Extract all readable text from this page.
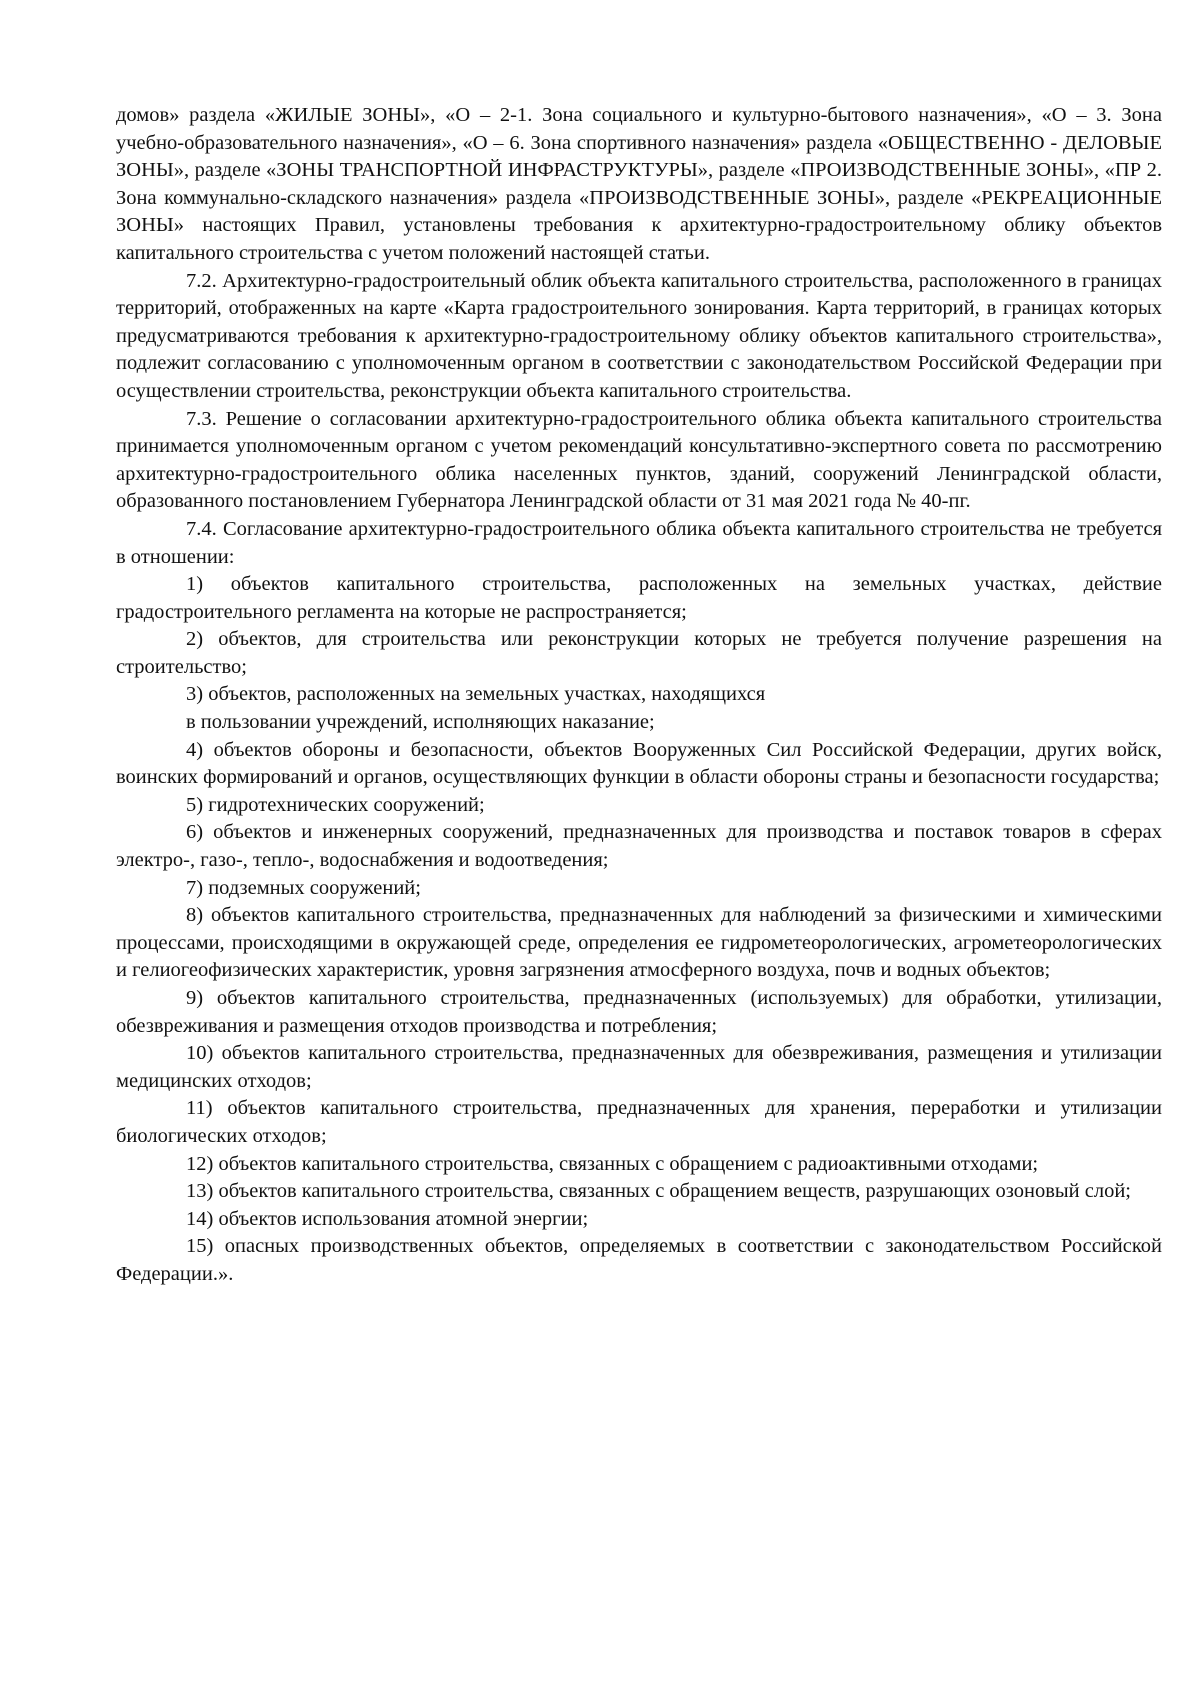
домов» раздела «ЖИЛЫЕ ЗОНЫ», «О – 2-1. Зона социального и культурно-бытового назначения», «О – 3. Зона учебно-образовательного назначения», «О – 6. Зона спортивного назначения» раздела «ОБЩЕСТВЕННО - ДЕЛОВЫЕ ЗОНЫ», разделе «ЗОНЫ ТРАНСПОРТНОЙ ИНФРАСТРУКТУРЫ», разделе «ПРОИЗВОДСТВЕННЫЕ ЗОНЫ», «ПР 2. Зона коммунально-складского назначения» раздела «ПРОИЗВОДСТВЕННЫЕ ЗОНЫ», разделе «РЕКРЕАЦИОННЫЕ ЗОНЫ» настоящих Правил, установлены требования к архитектурно-градостроительному облику объектов капитального строительства с учетом положений настоящей статьи.

7.2. Архитектурно-градостроительный облик объекта капитального строительства, расположенного в границах территорий, отображенных на карте «Карта градостроительного зонирования. Карта территорий, в границах которых предусматриваются требования к архитектурно-градостроительному облику объектов капитального строительства», подлежит согласованию с уполномоченным органом в соответствии с законодательством Российской Федерации при осуществлении строительства, реконструкции объекта капитального строительства.

7.3. Решение о согласовании архитектурно-градостроительного облика объекта капитального строительства принимается уполномоченным органом с учетом рекомендаций консультативно-экспертного совета по рассмотрению архитектурно-градостроительного облика населенных пунктов, зданий, сооружений Ленинградской области, образованного постановлением Губернатора Ленинградской области от 31 мая 2021 года № 40-пг.

7.4. Согласование архитектурно-градостроительного облика объекта капитального строительства не требуется в отношении:

1) объектов капитального строительства, расположенных на земельных участках, действие градостроительного регламента на которые не распространяется;

2) объектов, для строительства или реконструкции которых не требуется получение разрешения на строительство;

3) объектов, расположенных на земельных участках, находящихся

в пользовании учреждений, исполняющих наказание;

4) объектов обороны и безопасности, объектов Вооруженных Сил Российской Федерации, других войск, воинских формирований и органов, осуществляющих функции в области обороны страны и безопасности государства;

5) гидротехнических сооружений;

6) объектов и инженерных сооружений, предназначенных для производства и поставок товаров в сферах электро-, газо-, тепло-, водоснабжения и водоотведения;

7) подземных сооружений;

8) объектов капитального строительства, предназначенных для наблюдений за физическими и химическими процессами, происходящими в окружающей среде, определения ее гидрометеорологических, агрометеорологических и гелиогеофизических характеристик, уровня загрязнения атмосферного воздуха, почв и водных объектов;

9) объектов капитального строительства, предназначенных (используемых) для обработки, утилизации, обезвреживания и размещения отходов производства и потребления;

10) объектов капитального строительства, предназначенных для обезвреживания, размещения и утилизации медицинских отходов;

11) объектов капитального строительства, предназначенных для хранения, переработки и утилизации биологических отходов;

12) объектов капитального строительства, связанных с обращением с радиоактивными отходами;

13) объектов капитального строительства, связанных с обращением веществ, разрушающих озоновый слой;

14) объектов использования атомной энергии;

15) опасных производственных объектов, определяемых в соответствии с законодательством Российской Федерации.».
